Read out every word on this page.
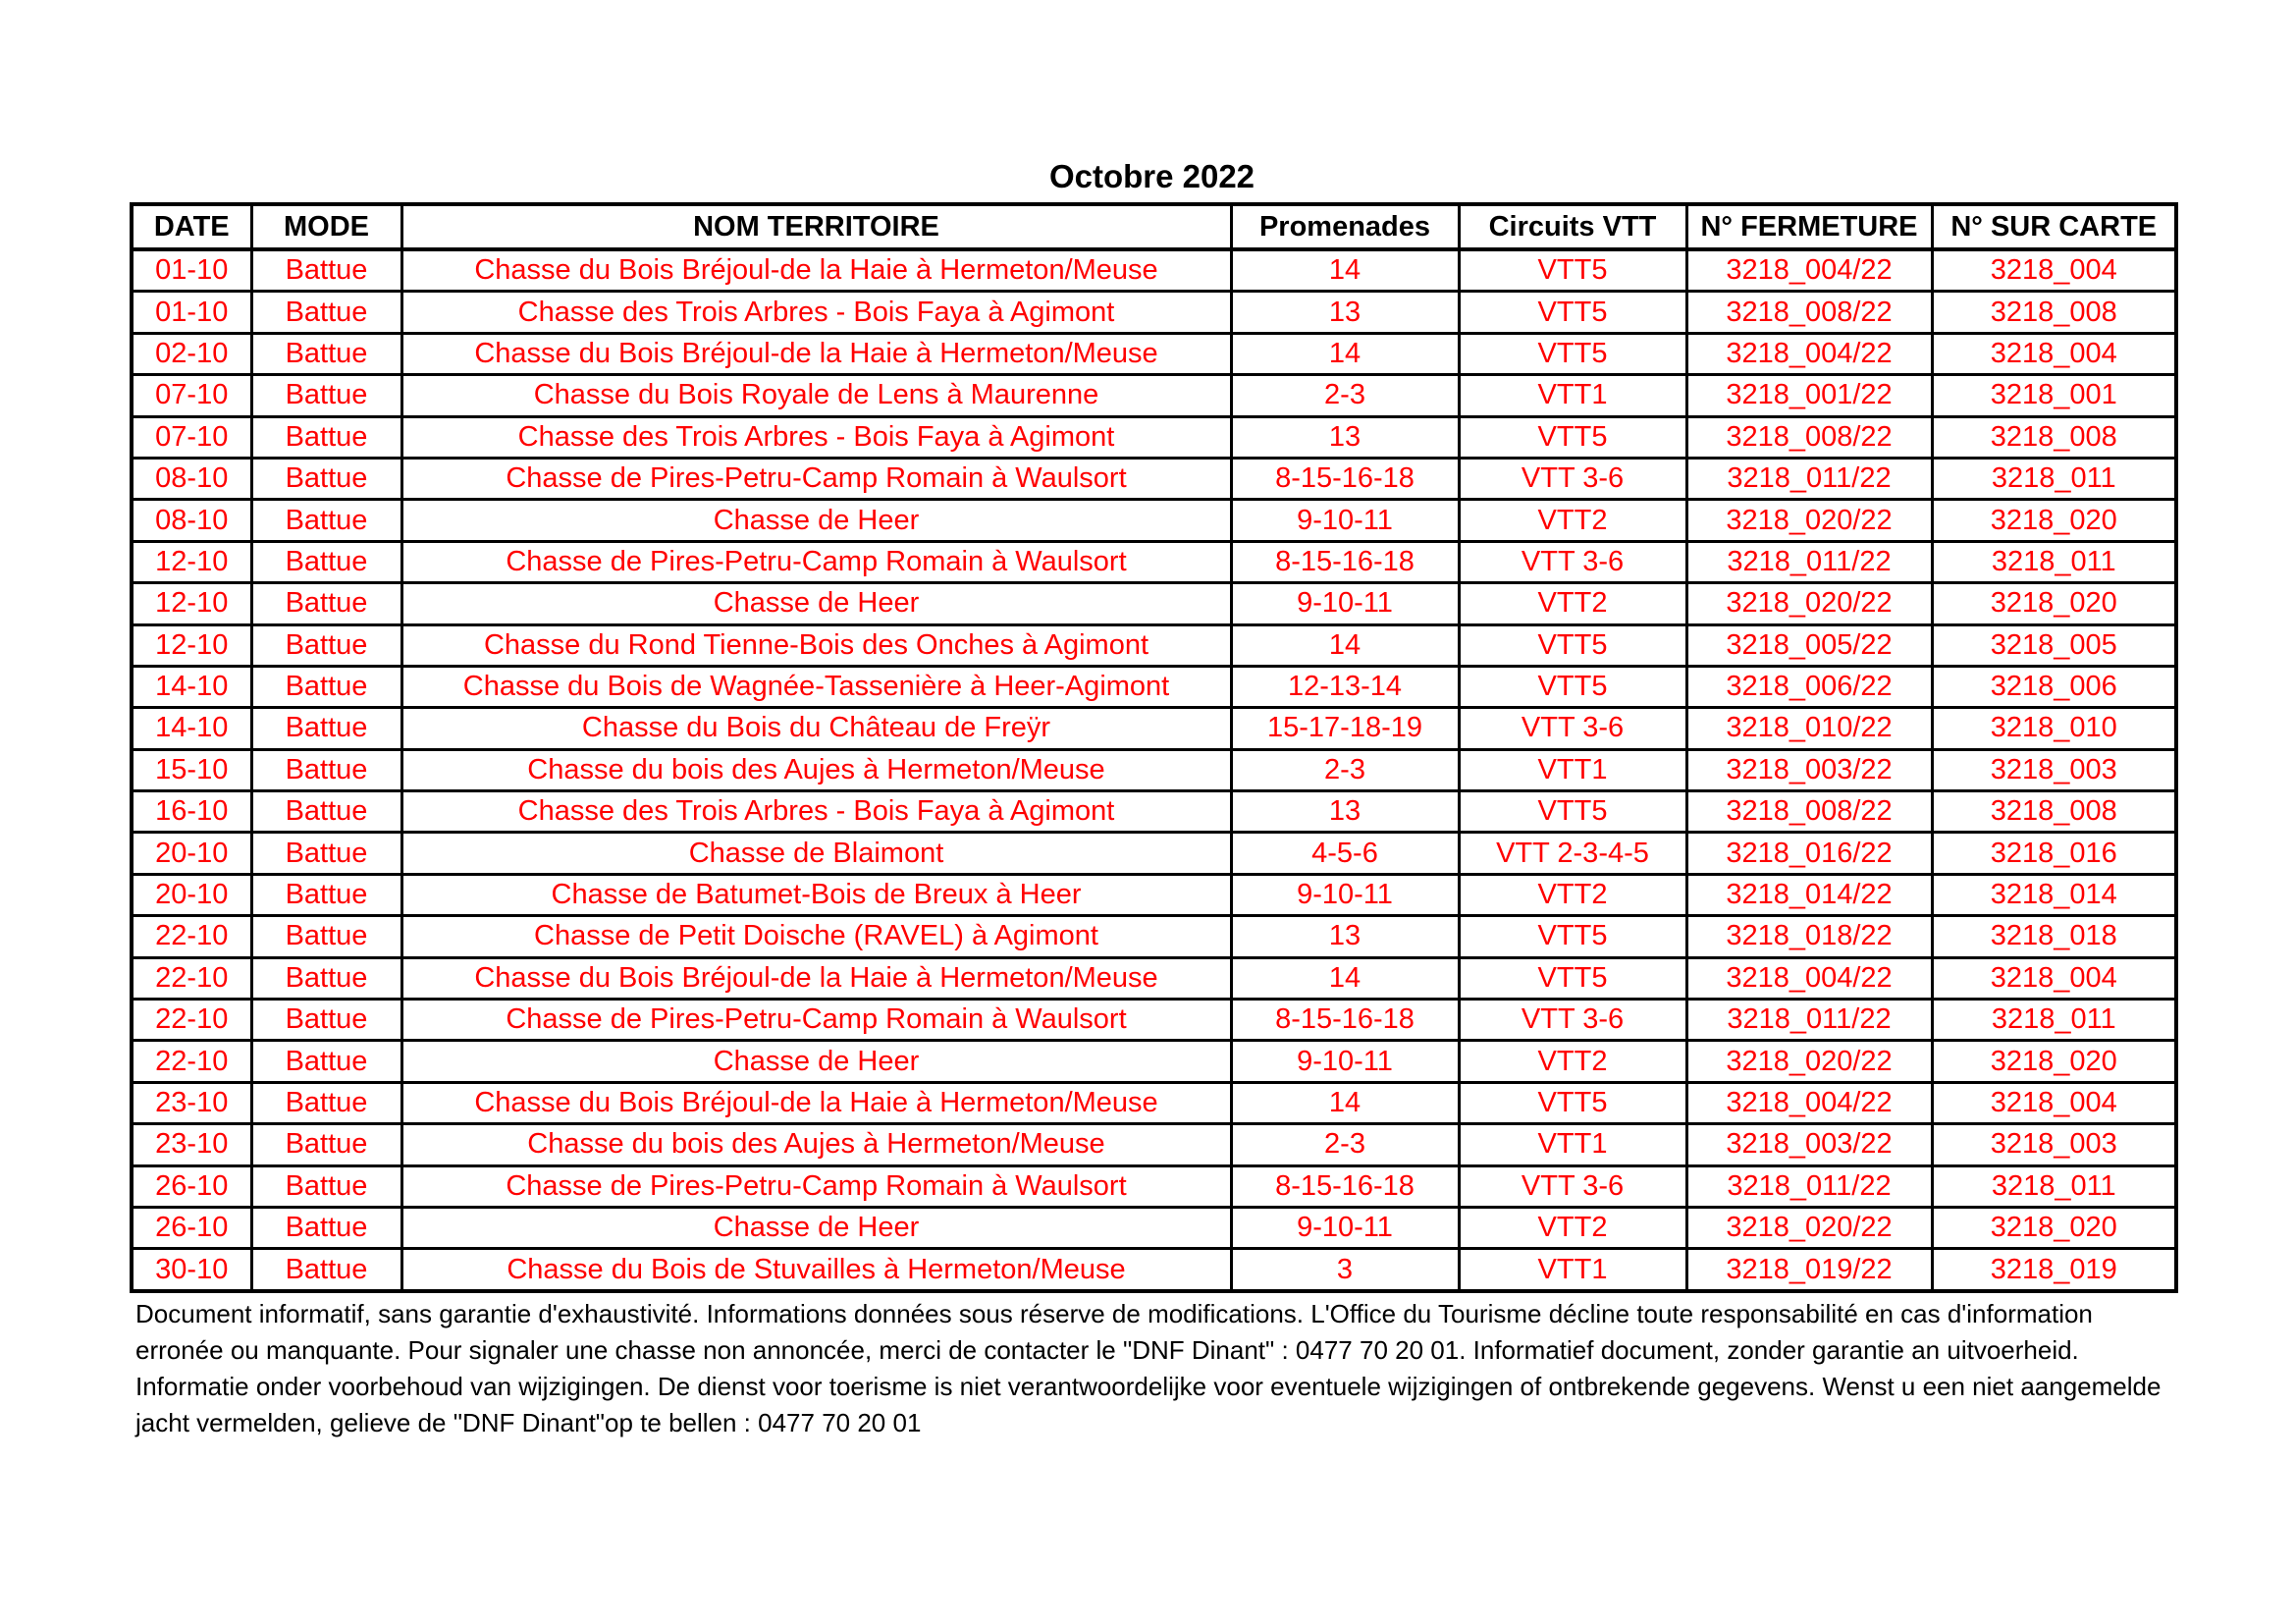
Octobre 2022
DATE	MODE	NOM TERRITOIRE	Promenades	Circuits VTT	N° FERMETURE	N° SUR CARTE
01-10	Battue	Chasse du Bois Bréjoul-de la Haie à Hermeton/Meuse	14	VTT5	3218_004/22	3218_004
01-10	Battue	Chasse des Trois Arbres - Bois Faya à Agimont	13	VTT5	3218_008/22	3218_008
02-10	Battue	Chasse du Bois Bréjoul-de la Haie à Hermeton/Meuse	14	VTT5	3218_004/22	3218_004
07-10	Battue	Chasse du Bois Royale de Lens à Maurenne	2-3	VTT1	3218_001/22	3218_001
07-10	Battue	Chasse des Trois Arbres - Bois Faya à Agimont	13	VTT5	3218_008/22	3218_008
08-10	Battue	Chasse de Pires-Petru-Camp Romain à Waulsort	8-15-16-18	VTT 3-6	3218_011/22	3218_011
08-10	Battue	Chasse de Heer	9-10-11	VTT2	3218_020/22	3218_020
12-10	Battue	Chasse de Pires-Petru-Camp Romain à Waulsort	8-15-16-18	VTT 3-6	3218_011/22	3218_011
12-10	Battue	Chasse de Heer	9-10-11	VTT2	3218_020/22	3218_020
12-10	Battue	Chasse du Rond Tienne-Bois des Onches à Agimont	14	VTT5	3218_005/22	3218_005
14-10	Battue	Chasse du Bois de Wagnée-Tassenière à Heer-Agimont	12-13-14	VTT5	3218_006/22	3218_006
14-10	Battue	Chasse du Bois du Château de Freÿr	15-17-18-19	VTT 3-6	3218_010/22	3218_010
15-10	Battue	Chasse du bois des Aujes à Hermeton/Meuse	2-3	VTT1	3218_003/22	3218_003
16-10	Battue	Chasse des Trois Arbres - Bois Faya à Agimont	13	VTT5	3218_008/22	3218_008
20-10	Battue	Chasse de Blaimont	4-5-6	VTT 2-3-4-5	3218_016/22	3218_016
20-10	Battue	Chasse de Batumet-Bois de Breux à Heer	9-10-11	VTT2	3218_014/22	3218_014
22-10	Battue	Chasse de Petit Doische (RAVEL) à Agimont	13	VTT5	3218_018/22	3218_018
22-10	Battue	Chasse du Bois Bréjoul-de la Haie à Hermeton/Meuse	14	VTT5	3218_004/22	3218_004
22-10	Battue	Chasse de Pires-Petru-Camp Romain à Waulsort	8-15-16-18	VTT 3-6	3218_011/22	3218_011
22-10	Battue	Chasse de Heer	9-10-11	VTT2	3218_020/22	3218_020
23-10	Battue	Chasse du Bois Bréjoul-de la Haie à Hermeton/Meuse	14	VTT5	3218_004/22	3218_004
23-10	Battue	Chasse du bois des Aujes à Hermeton/Meuse	2-3	VTT1	3218_003/22	3218_003
26-10	Battue	Chasse de Pires-Petru-Camp Romain à Waulsort	8-15-16-18	VTT 3-6	3218_011/22	3218_011
26-10	Battue	Chasse de Heer	9-10-11	VTT2	3218_020/22	3218_020
30-10	Battue	Chasse du Bois de Stuvailles à Hermeton/Meuse	3	VTT1	3218_019/22	3218_019
Document informatif, sans garantie d'exhaustivité. Informations données sous réserve de modifications. L'Office du Tourisme décline toute responsabilité en cas d'information
erronée ou manquante. Pour signaler une chasse non annoncée, merci de contacter le "DNF Dinant" : 0477 70 20 01. Informatief document, zonder garantie an uitvoerheid.
Informatie onder voorbehoud van wijzigingen. De dienst voor toerisme is niet verantwoordelijke voor eventuele wijzigingen of ontbrekende gegevens. Wenst u een niet aangemelde
jacht vermelden, gelieve de "DNF Dinant"op te bellen : 0477 70 20 01
